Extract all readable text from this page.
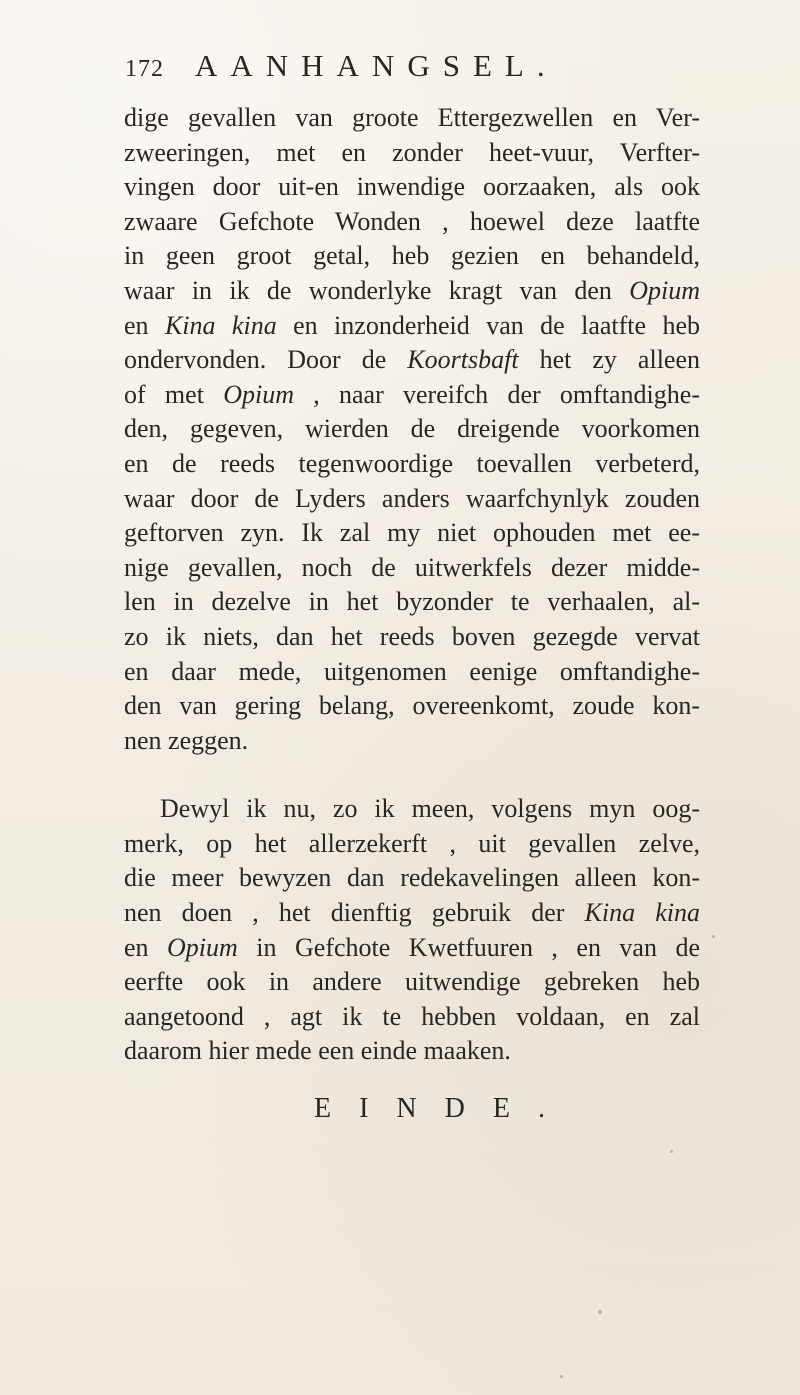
172 AANHANGSEL.
dige gevallen van groote Ettergezwellen en Ver-
zweeringen, met en zonder heet-vuur, Verfter-
vingen door uit-en inwendige oorzaaken, als ook
zwaare Gefchote Wonden , hoewel deze laatfte
in geen groot getal, heb gezien en behandeld,
waar in ik de wonderlyke kragt van den Opium
en Kina kina en inzonderheid van de laatfte heb
ondervonden. Door de Koortsbaft het zy alleen
of met Opium , naar vereifch der omftandighe-
den, gegeven, wierden de dreigende voorkomen
en de reeds tegenwoordige toevallen verbeterd,
waar door de Lyders anders waarfchynlyk zouden
geftorven zyn. Ik zal my niet ophouden met ee-
nige gevallen, noch de uitwerkfels dezer midde-
len in dezelve in het byzonder te verhaalen, al-
zo ik niets, dan het reeds boven gezegde vervat
en daar mede, uitgenomen eenige omftandighe-
den van gering belang, overeenkomt, zoude kon-
nen zeggen.
Dewyl ik nu, zo ik meen, volgens myn oog-
merk, op het allerzekerft , uit gevallen zelve,
die meer bewyzen dan redekavelingen alleen kon-
nen doen , het dienftig gebruik der Kina kina
en Opium in Gefchote Kwetfuuren , en van de
eerfte ook in andere uitwendige gebreken heb
aangetoond , agt ik te hebben voldaan, en zal
daarom hier mede een einde maaken.
EINDE.
